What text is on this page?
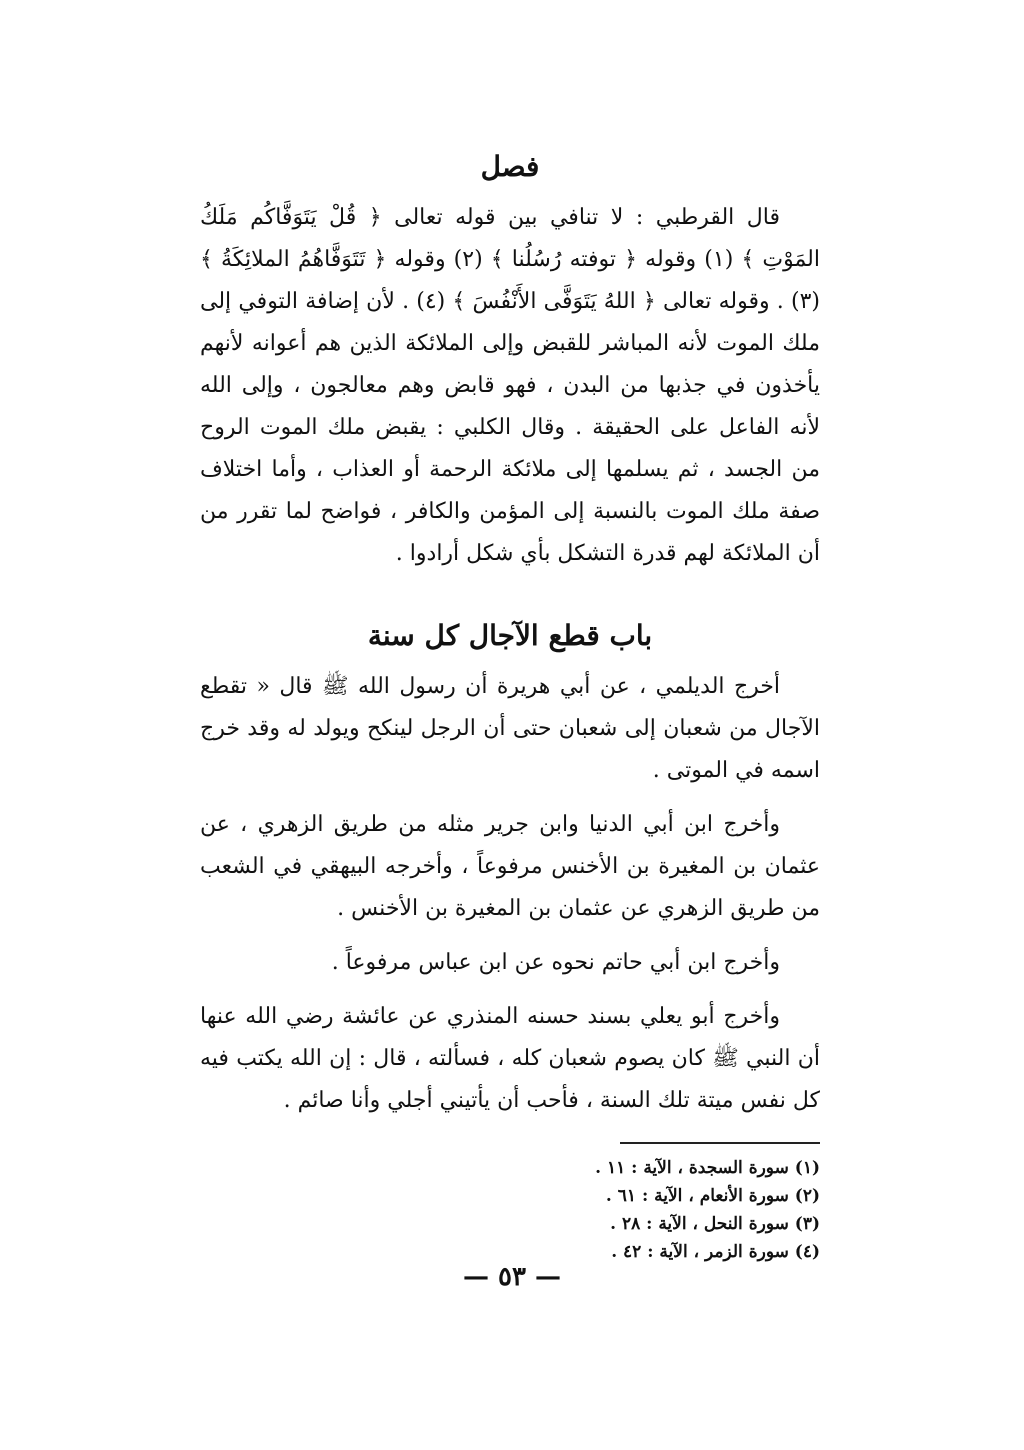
فصل

قال القرطبي : لا تنافي بين قوله تعالى ﴿ قُلْ يَتَوَفَّاكُم مَلَكُ المَوْتِ ﴾ (١) وقوله ﴿ توفته رُسُلُنا ﴾ (٢) وقوله ﴿ تَتَوَفَّاهُمُ الملائِكَةُ ﴾ (٣) . وقوله تعالى ﴿ اللهُ يَتَوَفَّى الأَنْفُسَ ﴾ (٤) . لأن إضافة التوفي إلى ملك الموت لأنه المباشر للقبض وإلى الملائكة الذين هم أعوانه لأنهم يأخذون في جذبها من البدن ، فهو قابض وهم معالجون ، وإلى الله لأنه الفاعل على الحقيقة . وقال الكلبي : يقبض ملك الموت الروح من الجسد ، ثم يسلمها إلى ملائكة الرحمة أو العذاب ، وأما اختلاف صفة ملك الموت بالنسبة إلى المؤمن والكافر ، فواضح لما تقرر من أن الملائكة لهم قدرة التشكل بأي شكل أرادوا .

باب قطع الآجال كل سنة

أخرج الديلمي ، عن أبي هريرة أن رسول الله ﷺ قال « تقطع الآجال من شعبان إلى شعبان حتى أن الرجل لينكح ويولد له وقد خرج اسمه في الموتى .

وأخرج ابن أبي الدنيا وابن جرير مثله من طريق الزهري ، عن عثمان بن المغيرة بن الأخنس مرفوعاً ، وأخرجه البيهقي في الشعب من طريق الزهري عن عثمان بن المغيرة بن الأخنس .

وأخرج ابن أبي حاتم نحوه عن ابن عباس مرفوعاً .

وأخرج أبو يعلي بسند حسنه المنذري عن عائشة رضي الله عنها أن النبي ﷺ كان يصوم شعبان كله ، فسألته ، قال : إن الله يكتب فيه كل نفس ميتة تلك السنة ، فأحب أن يأتيني أجلي وأنا صائم .

(١) سورة السجدة ، الآية : ١١ .
(٢) سورة الأنعام ، الآية : ٦١ .
(٣) سورة النحل ، الآية : ٢٨ .
(٤) سورة الزمر ، الآية : ٤٢ .
— ٥٣ —
